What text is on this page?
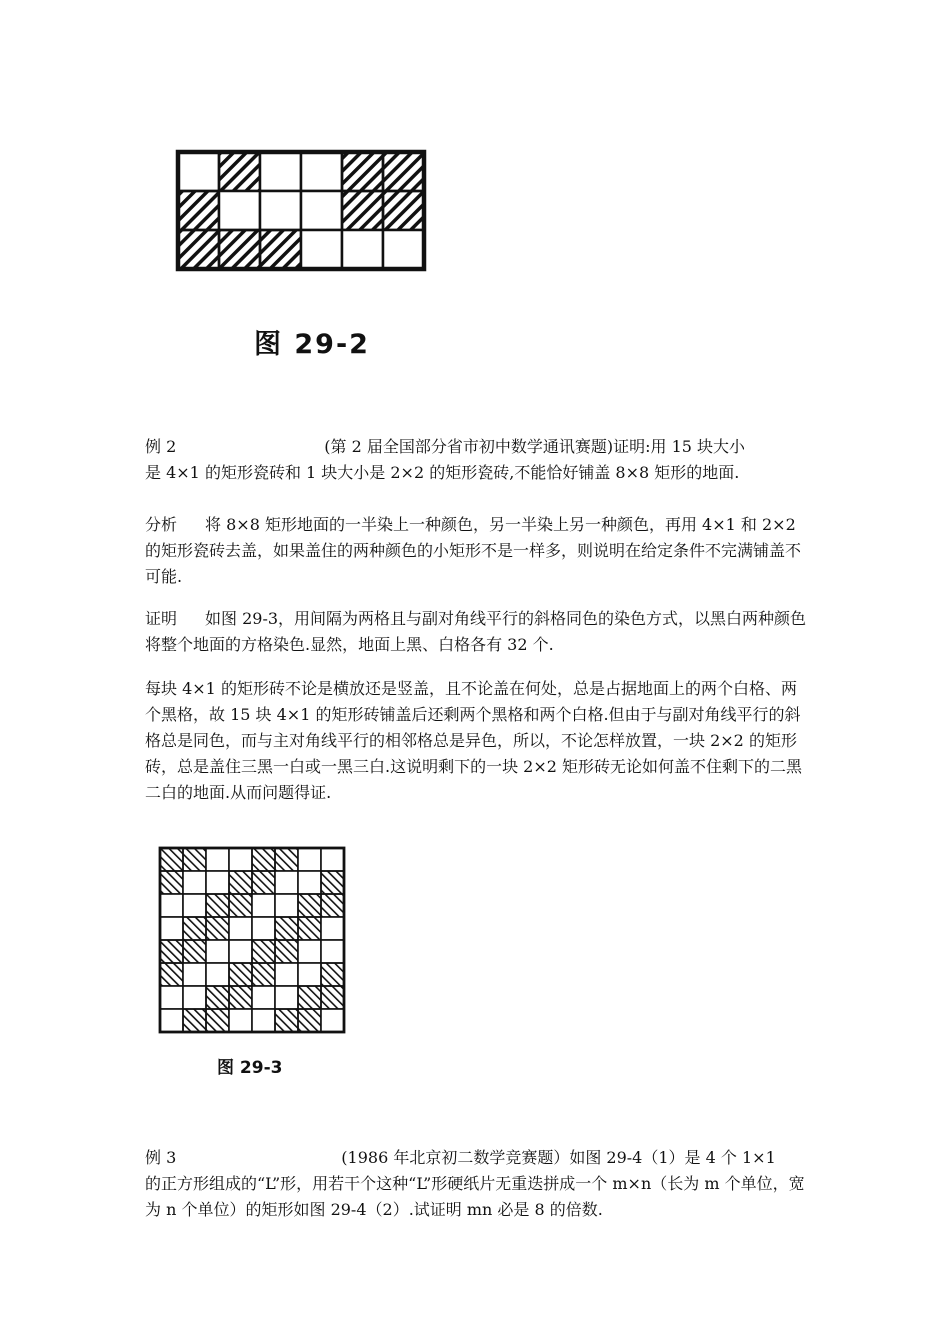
图 29-2
例 2	(第 2 届全国部分省市初中数学通讯赛题)证明:用 15 块大小
是 4×1 的矩形瓷砖和 1 块大小是 2×2 的矩形瓷砖,不能恰好铺盖 8×8 矩形的地面.

分析 将 8×8 矩形地面的一半染上一种颜色，另一半染上另一种颜色，再用 4×1 和 2×2 的矩形瓷砖去盖，如果盖住的两种颜色的小矩形不是一样多，则说明在给定条件不完满铺盖不可能.

证明 如图 29-3，用间隔为两格且与副对角线平行的斜格同色的染色方式，以黑白两种颜色将整个地面的方格染色.显然，地面上黑、白格各有 32 个.

每块 4×1 的矩形砖不论是横放还是竖盖，且不论盖在何处，总是占据地面上的两个白格、两个黑格，故 15 块 4×1 的矩形砖铺盖后还剩两个黑格和两个白格.但由于与副对角线平行的斜格总是同色，而与主对角线平行的相邻格总是异色，所以，不论怎样放置，一块 2×2 的矩形砖，总是盖住三黑一白或一黑三白.这说明剩下的一块 2×2 矩形砖无论如何盖不住剩下的二黑二白的地面.从而问题得证.

图 29-3
例 3	(1986 年北京初二数学竞赛题）如图 29-4（1）是 4 个 1×1

的正方形组成的“L”形，用若干个这种“L”形硬纸片无重迭拼成一个 m×n（长为 m 个单位，宽为 n 个单位）的矩形如图 29-4（2）.试证明 mn 必是 8 的倍数.
